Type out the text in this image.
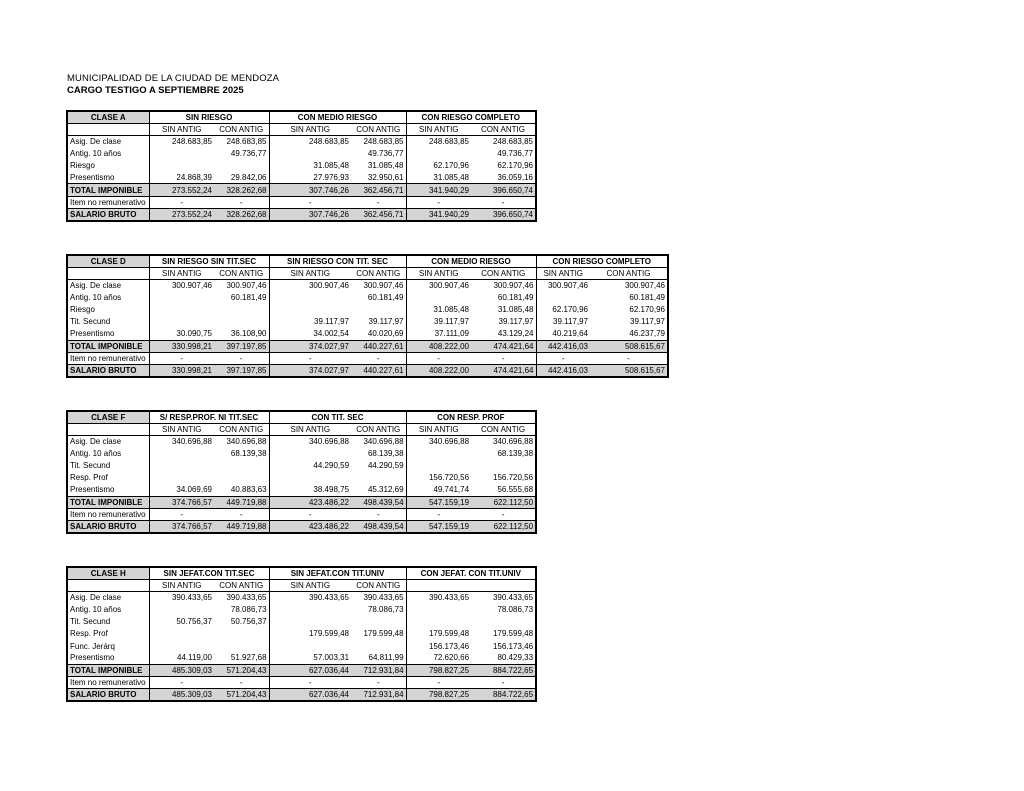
MUNICIPALIDAD DE LA CIUDAD DE MENDOZA
CARGO TESTIGO A SEPTIEMBRE 2025
CLASE A	SIN RIESGO		CON MEDIO RIESGO		CON RIESGO COMPLETO	
	SIN ANTIG	CON ANTIG	SIN ANTIG	CON ANTIG	SIN ANTIG	CON ANTIG
Asig. De clase	248.683,85	248.683,85	248.683,85	248.683,85	248.683,85	248.683,85
Antig. 10 años		49.736,77		49.736,77		49.736,77
Riesgo			31.085,48	31.085,48	62.170,96	62.170,96
Presentismo	24.868,39	29.842,06	27.976,93	32.950,61	31.085,48	36.059,16
TOTAL IMPONIBLE	273.552,24	328.262,68	307.746,26	362.456,71	341.940,29	396.650,74
Item no remunerativo	-	-	-	-	-	-
SALARIO BRUTO	273.552,24	328.262,68	307.746,26	362.456,71	341.940,29	396.650,74
CLASE D	SIN RIESGO SIN TIT.SEC		SIN RIESGO CON TIT. SEC		CON MEDIO RIESGO		CON RIESGO COMPLETO	
	SIN ANTIG	CON ANTIG	SIN ANTIG	CON ANTIG	SIN ANTIG	CON ANTIG	SIN ANTIG	CON ANTIG
Asig. De clase	300.907,46	300.907,46	300.907,46	300.907,46	300.907,46	300.907,46	300.907,46	300.907,46
Antig. 10 años		60.181,49		60.181,49		60.181,49		60.181,49
Riesgo					31.085,48	31.085,48	62.170,96	62.170,96
Tit. Secund			39.117,97	39.117,97	39.117,97	39.117,97	39.117,97	39.117,97
Presentismo	30.090,75	36.108,90	34.002,54	40.020,69	37.111,09	43.129,24	40.219,64	46.237,79
TOTAL IMPONIBLE	330.998,21	397.197,85	374.027,97	440.227,61	408.222,00	474.421,64	442.416,03	508.615,67
Item no remunerativo	-	-	-	-	-	-	-	-
SALARIO BRUTO	330.998,21	397.197,85	374.027,97	440.227,61	408.222,00	474.421,64	442.416,03	508.615,67
CLASE F	S/ RESP.PROF. NI TIT.SEC		CON TIT. SEC		CON RESP. PROF	
	SIN ANTIG	CON ANTIG	SIN ANTIG	CON ANTIG	SIN ANTIG	CON ANTIG
Asig. De clase	340.696,88	340.696,88	340.696,88	340.696,88	340.696,88	340.696,88
Antig. 10 años		68.139,38		68.139,38		68.139,38
Tit. Secund			44.290,59	44.290,59		
Resp. Prof					156.720,56	156.720,56
Presentismo	34.069,69	40.883,63	38.498,75	45.312,69	49.741,74	56.555,68
TOTAL IMPONIBLE	374.766,57	449.719,88	423.486,22	498.439,54	547.159,19	622.112,50
Item no remunerativo	-	-	-	-	-	-
SALARIO BRUTO	374.766,57	449.719,88	423.486,22	498.439,54	547.159,19	622.112,50
CLASE H	SIN JEFAT.CON TIT.SEC		SIN JEFAT.CON TIT.UNIV		CON JEFAT. CON TIT.UNIV	
	SIN ANTIG	CON ANTIG	SIN ANTIG	CON ANTIG		
Asig. De clase	390.433,65	390.433,65	390.433,65	390.433,65	390.433,65	390.433,65
Antig. 10 años		78.086,73		78.086,73		78.086,73
Tit. Secund	50.756,37	50.756,37				
Resp. Prof			179.599,48	179.599,48	179.599,48	179.599,48
Func. Jerárq					156.173,46	156.173,46
Presentismo	44.119,00	51.927,68	57.003,31	64.811,99	72.620,66	80.429,33
TOTAL IMPONIBLE	485.309,03	571.204,43	627.036,44	712.931,84	798.827,25	884.722,65
Item no remunerativo	-	-	-	-	-	-
SALARIO BRUTO	485.309,03	571.204,43	627.036,44	712.931,84	798.827,25	884.722,65
